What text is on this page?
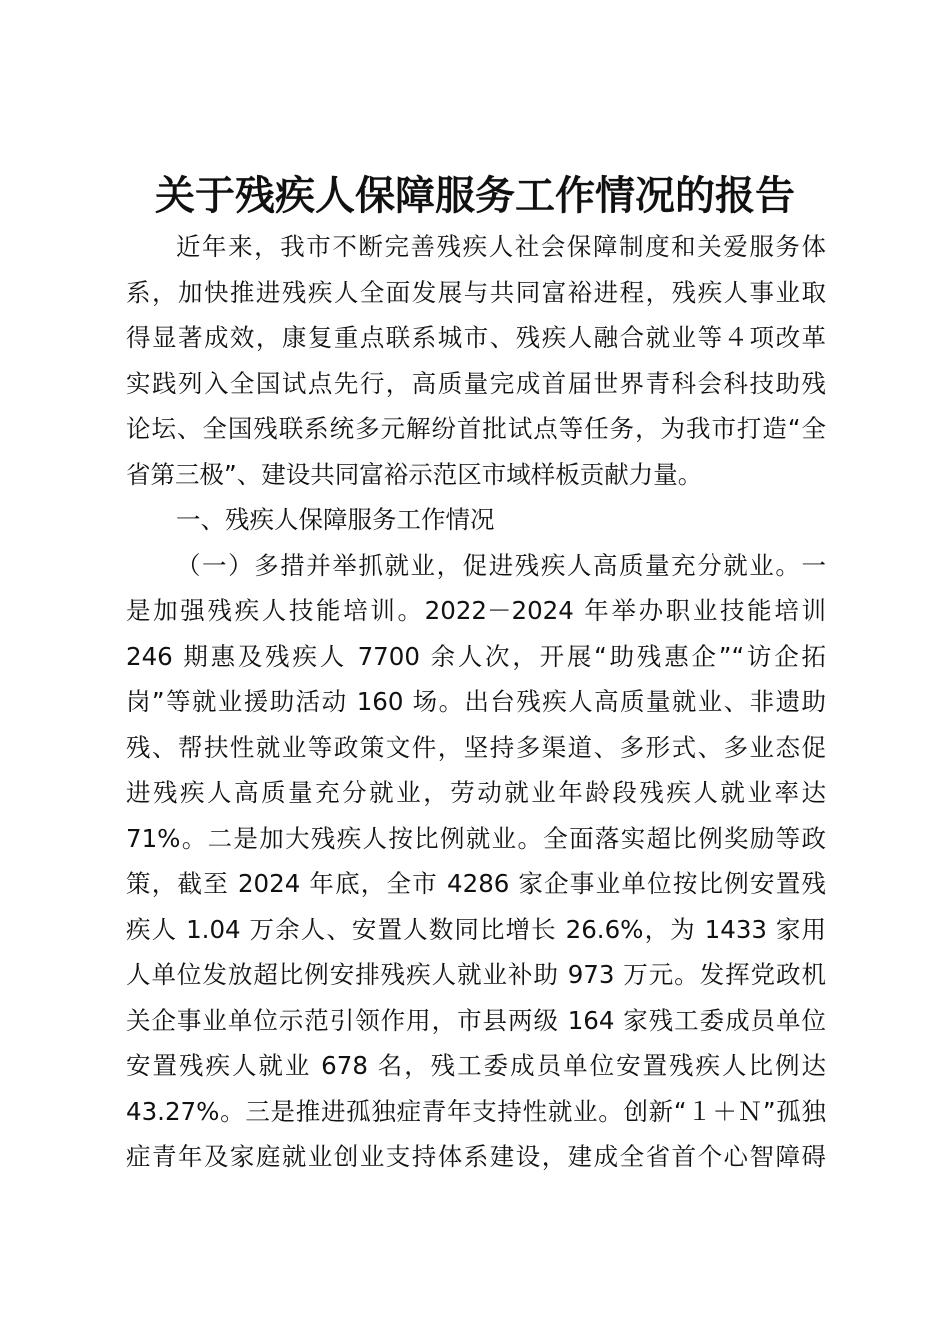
关于残疾人保障服务工作情况的报告
近年来，我市不断完善残疾人社会保障制度和关爱服务体
系，加快推进残疾人全面发展与共同富裕进程，残疾人事业取
得显著成效，康复重点联系城市、残疾人融合就业等４项改革
实践列入全国试点先行，高质量完成首届世界青科会科技助残
论坛、全国残联系统多元解纷首批试点等任务，为我市打造“全
省第三极”、建设共同富裕示范区市域样板贡献力量。
一、残疾人保障服务工作情况
（一）多措并举抓就业，促进残疾人高质量充分就业。一
是加强残疾人技能培训。2022－2024 年举办职业技能培训
246 期惠及残疾人 7700 余人次，开展“助残惠企”“访企拓
岗”等就业援助活动 160 场。出台残疾人高质量就业、非遗助
残、帮扶性就业等政策文件，坚持多渠道、多形式、多业态促
进残疾人高质量充分就业，劳动就业年龄段残疾人就业率达
71%。二是加大残疾人按比例就业。全面落实超比例奖励等政
策，截至 2024 年底，全市 4286 家企事业单位按比例安置残
疾人 1.04 万余人、安置人数同比增长 26.6%，为 1433 家用
人单位发放超比例安排残疾人就业补助 973 万元。发挥党政机
关企事业单位示范引领作用，市县两级 164 家残工委成员单位
安置残疾人就业 678 名，残工委成员单位安置残疾人比例达
43.27%。三是推进孤独症青年支持性就业。创新“１＋Ｎ”孤独
症青年及家庭就业创业支持体系建设，建成全省首个心智障碍
